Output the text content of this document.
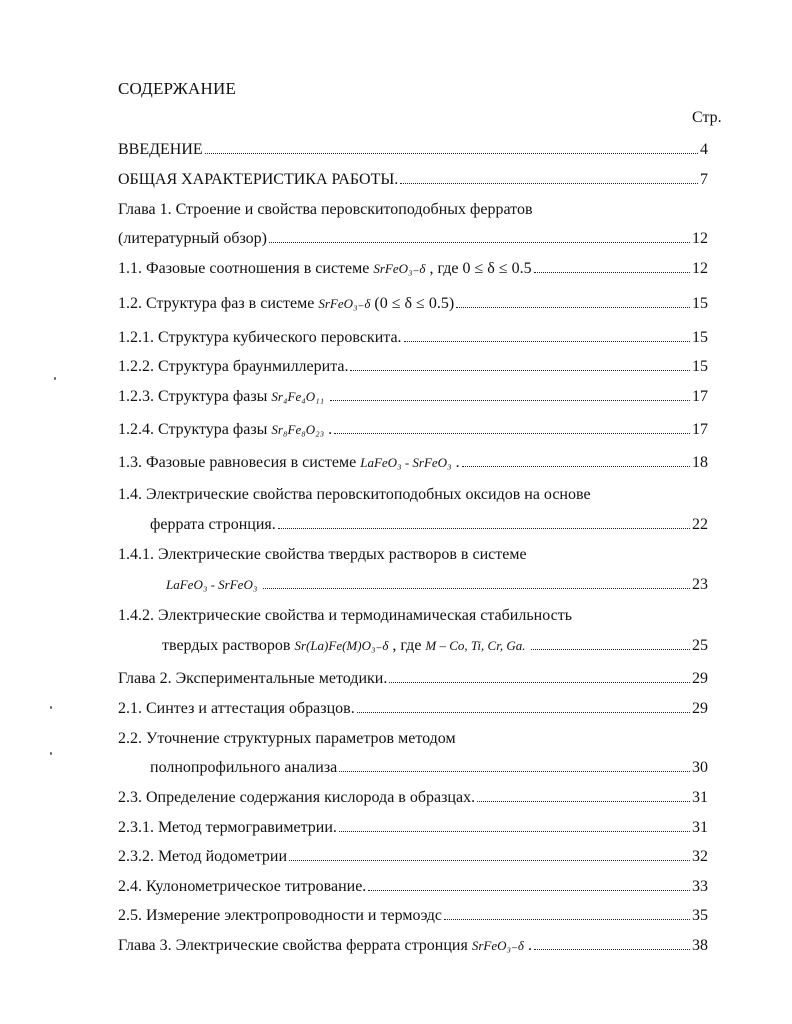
СОДЕРЖАНИЕ
Стр.
ВВЕДЕНИЕ	4
ОБЩАЯ ХАРАКТЕРИСТИКА РАБОТЫ.	7
Глава 1. Строение и свойства перовскитоподобных ферратов
(литературный обзор)	12
1.1. Фазовые соотношения в системе SrFeO₃₋δ , где 0 ≤ δ ≤ 0.5	12
1.2. Структура фаз в системе SrFeO₃₋δ (0 ≤ δ ≤ 0.5)	15
1.2.1. Структура кубического перовскита.	15
1.2.2. Структура браунмиллерита.	15
1.2.3. Структура фазы Sr₄Fe₄O₁₁	17
1.2.4. Структура фазы Sr₈Fe₈O₂₃ .	17
1.3. Фазовые равновесия в системе LaFeO₃ - SrFeO₃ .	18
1.4. Электрические свойства перовскитоподобных оксидов на основе
феррата стронция.	22
1.4.1. Электрические свойства твердых растворов в системе
LaFeO₃ - SrFeO₃	23
1.4.2. Электрические свойства и термодинамическая стабильность
твердых растворов Sr(La)Fe(M)O₃₋δ , где M – Co, Ti, Cr, Ga.	25
Глава 2. Экспериментальные методики.	29
2.1. Синтез и аттестация образцов.	29
2.2. Уточнение структурных параметров методом
полнопрофильного анализа	30
2.3. Определение содержания кислорода в образцах.	31
2.3.1. Метод термогравиметрии.	31
2.3.2. Метод йодометрии	32
2.4. Кулонометрическое титрование.	33
2.5. Измерение электропроводности и термоэдс	35
Глава 3. Электрические свойства феррата стронция SrFeO₃₋δ .	38
